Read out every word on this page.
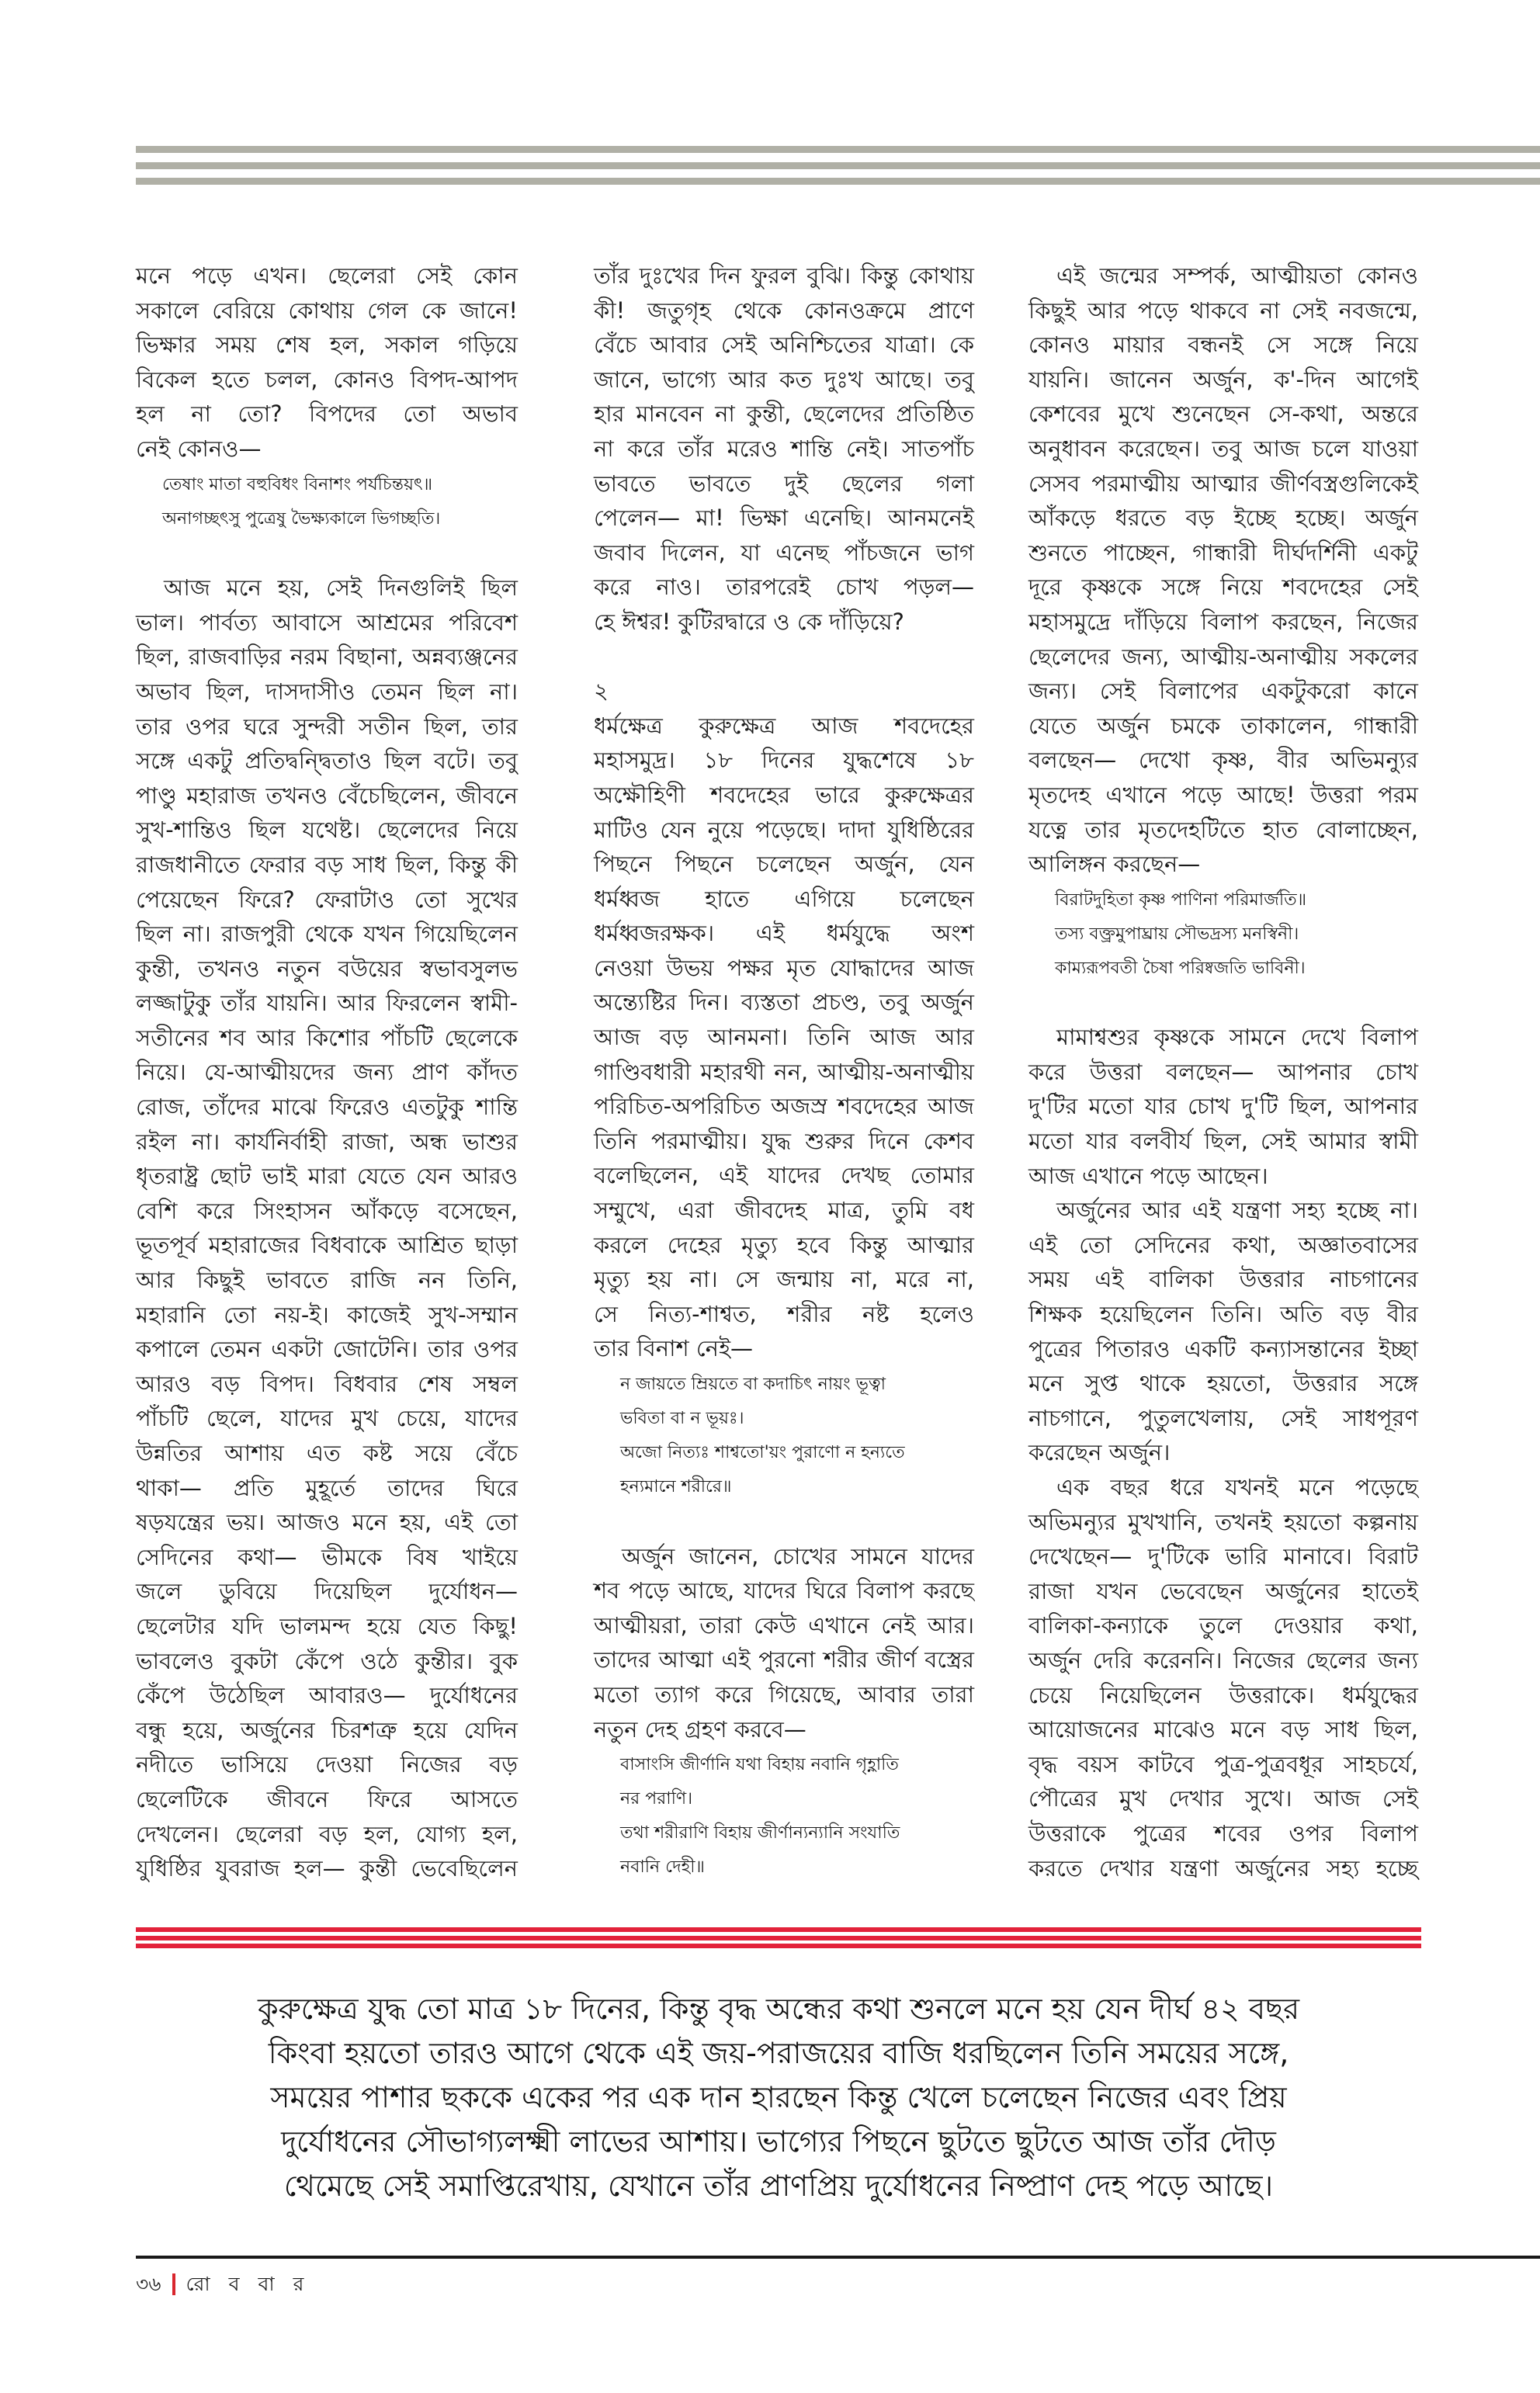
মনে পড়ে এখন। ছেলেরা সেই কোন
সকালে বেরিয়ে কোথায় গেল কে জানে!
ভিক্ষার সময় শেষ হল, সকাল গড়িয়ে
বিকেল হতে চলল, কোনও বিপদ-আপদ
হল না তো? বিপদের তো অভাব
নেই কোনও—
তেষাং মাতা বহুবিধং বিনাশং পর্যচিন্তয়ৎ॥
অনাগচ্ছৎসু পুত্রেষু ভৈক্ষ্যকালে ভিগচ্ছতি।
আজ মনে হয়, সেই দিনগুলিই ছিল
ভাল। পার্বত্য আবাসে আশ্রমের পরিবেশ
ছিল, রাজবাড়ির নরম বিছানা, অন্নব্যঞ্জনের
অভাব ছিল, দাসদাসীও তেমন ছিল না।
তার ওপর ঘরে সুন্দরী সতীন ছিল, তার
সঙ্গে একটু প্রতিদ্বন্দ্বিতাও ছিল বটে। তবু
পাণ্ডু মহারাজ তখনও বেঁচেছিলেন, জীবনে
সুখ-শান্তিও ছিল যথেষ্ট। ছেলেদের নিয়ে
রাজধানীতে ফেরার বড় সাধ ছিল, কিন্তু কী
পেয়েছেন ফিরে? ফেরাটাও তো সুখের
ছিল না। রাজপুরী থেকে যখন গিয়েছিলেন
কুন্তী, তখনও নতুন বউয়ের স্বভাবসুলভ
লজ্জাটুকু তাঁর যায়নি। আর ফিরলেন স্বামী-
সতীনের শব আর কিশোর পাঁচটি ছেলেকে
নিয়ে। যে-আত্মীয়দের জন্য প্রাণ কাঁদত
রোজ, তাঁদের মাঝে ফিরেও এতটুকু শান্তি
রইল না। কার্যনির্বাহী রাজা, অন্ধ ভাশুর
ধৃতরাষ্ট্র ছোট ভাই মারা যেতে যেন আরও
বেশি করে সিংহাসন আঁকড়ে বসেছেন,
ভূতপূর্ব মহারাজের বিধবাকে আশ্রিত ছাড়া
আর কিছুই ভাবতে রাজি নন তিনি,
মহারানি তো নয়-ই। কাজেই সুখ-সম্মান
কপালে তেমন একটা জোটেনি। তার ওপর
আরও বড় বিপদ। বিধবার শেষ সম্বল
পাঁচটি ছেলে, যাদের মুখ চেয়ে, যাদের
উন্নতির আশায় এত কষ্ট সয়ে বেঁচে
থাকা— প্রতি মুহূর্তে তাদের ঘিরে
ষড়যন্ত্রের ভয়। আজও মনে হয়, এই তো
সেদিনের কথা— ভীমকে বিষ খাইয়ে
জলে ডুবিয়ে দিয়েছিল দুর্যোধন—
ছেলেটার যদি ভালমন্দ হয়ে যেত কিছু!
ভাবলেও বুকটা কেঁপে ওঠে কুন্তীর। বুক
কেঁপে উঠেছিল আবারও— দুর্যোধনের
বন্ধু হয়ে, অর্জুনের চিরশত্রু হয়ে যেদিন
নদীতে ভাসিয়ে দেওয়া নিজের বড়
ছেলেটিকে জীবনে ফিরে আসতে
দেখলেন। ছেলেরা বড় হল, যোগ্য হল,
যুধিষ্ঠির যুবরাজ হল— কুন্তী ভেবেছিলেন
তাঁর দুঃখের দিন ফুরল বুঝি। কিন্তু কোথায়
কী! জতুগৃহ থেকে কোনওক্রমে প্রাণে
বেঁচে আবার সেই অনিশ্চিতের যাত্রা। কে
জানে, ভাগ্যে আর কত দুঃখ আছে। তবু
হার মানবেন না কুন্তী, ছেলেদের প্রতিষ্ঠিত
না করে তাঁর মরেও শান্তি নেই। সাতপাঁচ
ভাবতে ভাবতে দুই ছেলের গলা
পেলেন— মা! ভিক্ষা এনেছি। আনমনেই
জবাব দিলেন, যা এনেছ পাঁচজনে ভাগ
করে নাও। তারপরেই চোখ পড়ল—
হে ঈশ্বর! কুটিরদ্বারে ও কে দাঁড়িয়ে?
২
ধর্মক্ষেত্র কুরুক্ষেত্র আজ শবদেহের
মহাসমুদ্র। ১৮ দিনের যুদ্ধশেষে ১৮
অক্ষৌহিণী শবদেহের ভারে কুরুক্ষেত্রর
মাটিও যেন নুয়ে পড়েছে। দাদা যুধিষ্ঠিরের
পিছনে পিছনে চলেছেন অর্জুন, যেন
ধর্মধ্বজ হাতে এগিয়ে চলেছেন
ধর্মধ্বজরক্ষক। এই ধর্মযুদ্ধে অংশ
নেওয়া উভয় পক্ষর মৃত যোদ্ধাদের আজ
অন্ত্যেষ্টির দিন। ব্যস্ততা প্রচণ্ড, তবু অর্জুন
আজ বড় আনমনা। তিনি আজ আর
গাণ্ডিবধারী মহারথী নন, আত্মীয়-অনাত্মীয়
পরিচিত-অপরিচিত অজস্র শবদেহের আজ
তিনি পরমাত্মীয়। যুদ্ধ শুরুর দিনে কেশব
বলেছিলেন, এই যাদের দেখছ তোমার
সম্মুখে, এরা জীবদেহ মাত্র, তুমি বধ
করলে দেহের মৃত্যু হবে কিন্তু আত্মার
মৃত্যু হয় না। সে জন্মায় না, মরে না,
সে নিত্য-শাশ্বত, শরীর নষ্ট হলেও
তার বিনাশ নেই—
ন জায়তে ম্রিয়তে বা কদাচিৎ নায়ং ভূত্বা
ভবিতা বা ন ভূয়ঃ।
অজো নিত্যঃ শাশ্বতো'য়ং পুরাণো ন হন্যতে
হন্যমানে শরীরে॥
অর্জুন জানেন, চোখের সামনে যাদের
শব পড়ে আছে, যাদের ঘিরে বিলাপ করছে
আত্মীয়রা, তারা কেউ এখানে নেই আর।
তাদের আত্মা এই পুরনো শরীর জীর্ণ বস্ত্রের
মতো ত্যাগ করে গিয়েছে, আবার তারা
নতুন দেহ গ্রহণ করবে—
বাসাংসি জীর্ণানি যথা বিহায় নবানি গৃহ্ণাতি
নর পরাণি।
তথা শরীরাণি বিহায় জীর্ণান্যন্যানি সংযাতি
নবানি দেহী॥
এই জন্মের সম্পর্ক, আত্মীয়তা কোনও
কিছুই আর পড়ে থাকবে না সেই নবজন্মে,
কোনও মায়ার বন্ধনই সে সঙ্গে নিয়ে
যায়নি। জানেন অর্জুন, ক'-দিন আগেই
কেশবের মুখে শুনেছেন সে-কথা, অন্তরে
অনুধাবন করেছেন। তবু আজ চলে যাওয়া
সেসব পরমাত্মীয় আত্মার জীর্ণবস্ত্রগুলিকেই
আঁকড়ে ধরতে বড় ইচ্ছে হচ্ছে। অর্জুন
শুনতে পাচ্ছেন, গান্ধারী দীর্ঘদর্শিনী একটু
দূরে কৃষ্ণকে সঙ্গে নিয়ে শবদেহের সেই
মহাসমুদ্রে দাঁড়িয়ে বিলাপ করছেন, নিজের
ছেলেদের জন্য, আত্মীয়-অনাত্মীয় সকলের
জন্য। সেই বিলাপের একটুকরো কানে
যেতে অর্জুন চমকে তাকালেন, গান্ধারী
বলছেন— দেখো কৃষ্ণ, বীর অভিমন্যুর
মৃতদেহ এখানে পড়ে আছে! উত্তরা পরম
যত্নে তার মৃতদেহটিতে হাত বোলাচ্ছেন,
আলিঙ্গন করছেন—
বিরাটদুহিতা কৃষ্ণ পাণিনা পরিমার্জতি॥
তস্য বক্ত্রমুপাঘ্রায় সৌভদ্রস্য মনস্বিনী।
কাম্যরূপবতী চৈষা পরিষ্বজতি ভাবিনী।
মামাশ্বশুর কৃষ্ণকে সামনে দেখে বিলাপ
করে উত্তরা বলছেন— আপনার চোখ
দু'টির মতো যার চোখ দু'টি ছিল, আপনার
মতো যার বলবীর্য ছিল, সেই আমার স্বামী
আজ এখানে পড়ে আছেন।
অর্জুনের আর এই যন্ত্রণা সহ্য হচ্ছে না।
এই তো সেদিনের কথা, অজ্ঞাতবাসের
সময় এই বালিকা উত্তরার নাচগানের
শিক্ষক হয়েছিলেন তিনি। অতি বড় বীর
পুত্রের পিতারও একটি কন্যাসন্তানের ইচ্ছা
মনে সুপ্ত থাকে হয়তো, উত্তরার সঙ্গে
নাচগানে, পুতুলখেলায়, সেই সাধপূরণ
করেছেন অর্জুন।
এক বছর ধরে যখনই মনে পড়েছে
অভিমন্যুর মুখখানি, তখনই হয়তো কল্পনায়
দেখেছেন— দু'টিকে ভারি মানাবে। বিরাট
রাজা যখন ভেবেছেন অর্জুনের হাতেই
বালিকা-কন্যাকে তুলে দেওয়ার কথা,
অর্জুন দেরি করেননি। নিজের ছেলের জন্য
চেয়ে নিয়েছিলেন উত্তরাকে। ধর্মযুদ্ধের
আয়োজনের মাঝেও মনে বড় সাধ ছিল,
বৃদ্ধ বয়স কাটবে পুত্র-পুত্রবধূর সাহচর্যে,
পৌত্রের মুখ দেখার সুখে। আজ সেই
উত্তরাকে পুত্রের শবের ওপর বিলাপ
করতে দেখার যন্ত্রণা অর্জুনের সহ্য হচ্ছে
কুরুক্ষেত্র যুদ্ধ তো মাত্র ১৮ দিনের, কিন্তু বৃদ্ধ অন্ধের কথা শুনলে মনে হয় যেন দীর্ঘ ৪২ বছর
কিংবা হয়তো তারও আগে থেকে এই জয়-পরাজয়ের বাজি ধরছিলেন তিনি সময়ের সঙ্গে,
সময়ের পাশার ছককে একের পর এক দান হারছেন কিন্তু খেলে চলেছেন নিজের এবং প্রিয়
দুর্যোধনের সৌভাগ্যলক্ষ্মী লাভের আশায়। ভাগ্যের পিছনে ছুটতে ছুটতে আজ তাঁর দৌড়
থেমেছে সেই সমাপ্তিরেখায়, যেখানে তাঁর প্রাণপ্রিয় দুর্যোধনের নিষ্প্রাণ দেহ পড়ে আছে।
৩৬ রো ব বা র
